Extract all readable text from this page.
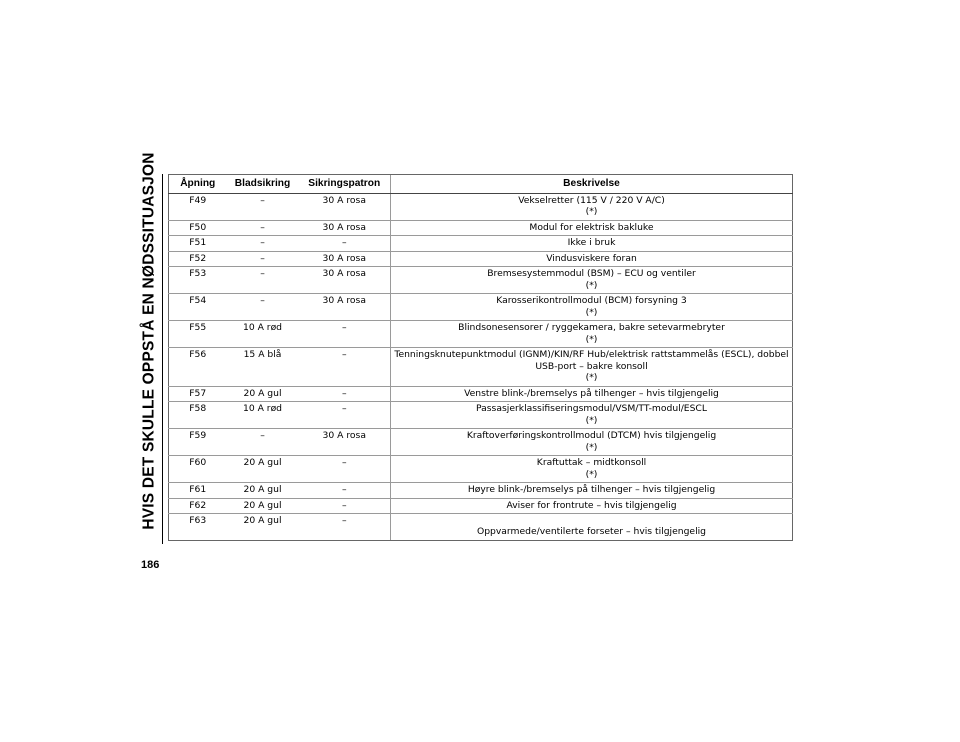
HVIS DET SKULLE OPPSTÅ EN NØDSSITUASJON
186
Åpning	Bladsikring	Sikringspatron	Beskrivelse
F49	–	30 A rosa	Vekselretter (115 V / 220 V A/C)
(*)

F50	–	30 A rosa	Modul for elektrisk bakluke

F51	–	–	Ikke i bruk

F52	–	30 A rosa	Vindusviskere foran

F53	–	30 A rosa	Bremsesystemmodul (BSM) – ECU og ventiler
(*)

F54	–	30 A rosa	Karosserikontrollmodul (BCM) forsyning 3
(*)

F55	10 A rød	–	Blindsonesensorer / ryggekamera, bakre setevarmebryter
(*)

F56	15 A blå	–	Tenningsknutepunktmodul (IGNM)/KIN/RF Hub/elektrisk rattstammelås (ESCL), dobbel
USB-port – bakre konsoll
(*)

F57	20 A gul	–	Venstre blink-/bremselys på tilhenger – hvis tilgjengelig

F58	10 A rød	–	Passasjerklassifiseringsmodul/VSM/TT-modul/ESCL
(*)

F59	–	30 A rosa	Kraftoverføringskontrollmodul (DTCM) hvis tilgjengelig
(*)

F60	20 A gul	–	Kraftuttak – midtkonsoll
(*)

F61	20 A gul	–	Høyre blink-/bremselys på tilhenger – hvis tilgjengelig

F62	20 A gul	–	Aviser for frontrute – hvis tilgjengelig

F63	20 A gul	–	Oppvarmede/ventilerte forseter – hvis tilgjengelig
